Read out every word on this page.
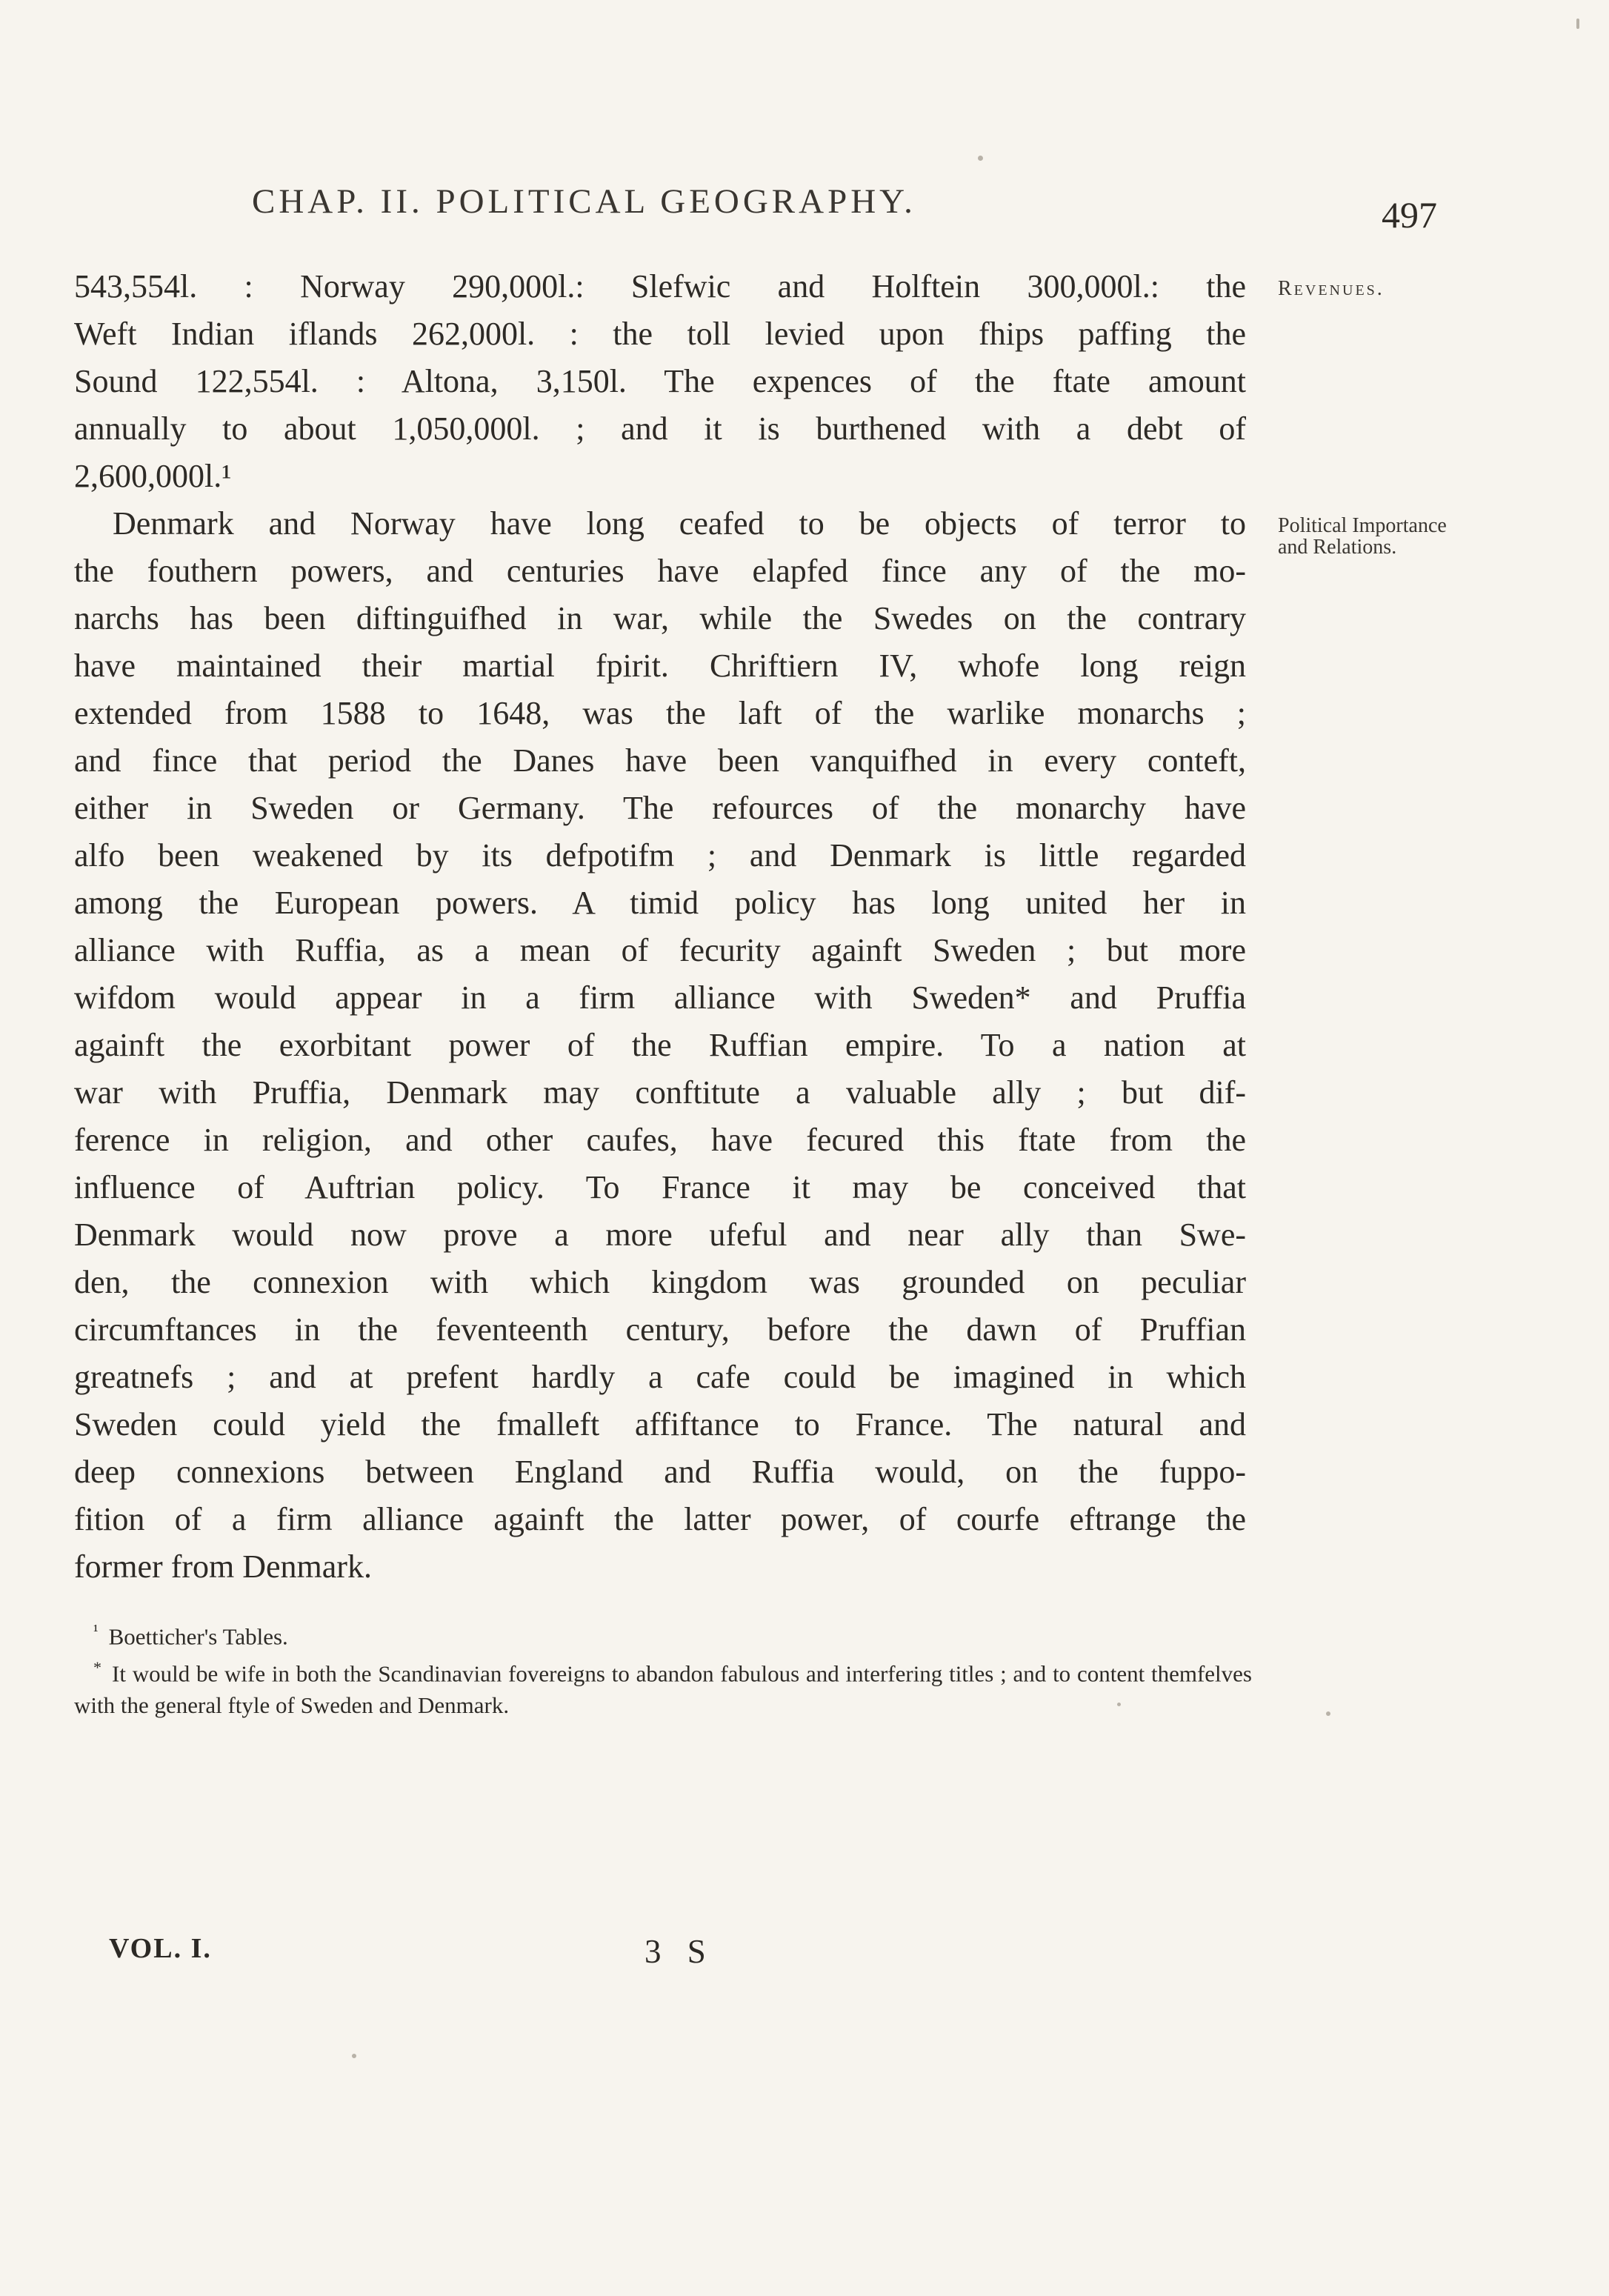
CHAP. II. POLITICAL GEOGRAPHY.	497
Revenues.
Political Importance and Relations.

543,554l. : Norway 290,000l.: Slefwic and Holftein 300,000l.: the

Weft Indian iflands 262,000l. : the toll levied upon fhips paffing the

Sound 122,554l. : Altona, 3,150l. The expences of the ftate amount

annually to about 1,050,000l. ; and it is burthened with a debt of

2,600,000l.¹

Denmark and Norway have long ceafed to be objects of terror to

the fouthern powers, and centuries have elapfed fince any of the mo-

narchs has been diftinguifhed in war, while the Swedes on the contrary

have maintained their martial fpirit. Chriftiern IV, whofe long reign

extended from 1588 to 1648, was the laft of the warlike monarchs ;

and fince that period the Danes have been vanquifhed in every conteft,

either in Sweden or Germany. The refources of the monarchy have

alfo been weakened by its defpotifm ; and Denmark is little regarded

among the European powers. A timid policy has long united her in

alliance with Ruffia, as a mean of fecurity againft Sweden ; but more

wifdom would appear in a firm alliance with Sweden* and Pruffia

againft the exorbitant power of the Ruffian empire. To a nation at

war with Pruffia, Denmark may conftitute a valuable ally ; but dif-

ference in religion, and other caufes, have fecured this ftate from the

influence of Auftrian policy. To France it may be conceived that

Denmark would now prove a more ufeful and near ally than Swe-

den, the connexion with which kingdom was grounded on peculiar

circumftances in the feventeenth century, before the dawn of Pruffian

greatnefs ; and at prefent hardly a cafe could be imagined in which

Sweden could yield the fmalleft affiftance to France. The natural and

deep connexions between England and Ruffia would, on the fuppo-

fition of a firm alliance againft the latter power, of courfe eftrange the

former from Denmark.

$^{^1}$ Boetticher's Tables.

* It would be wife in both the Scandinavian fovereigns to abandon fabulous and interfering titles ; and to content themfelves with the general ftyle of Sweden and Denmark.

VOL. I.	3 S
